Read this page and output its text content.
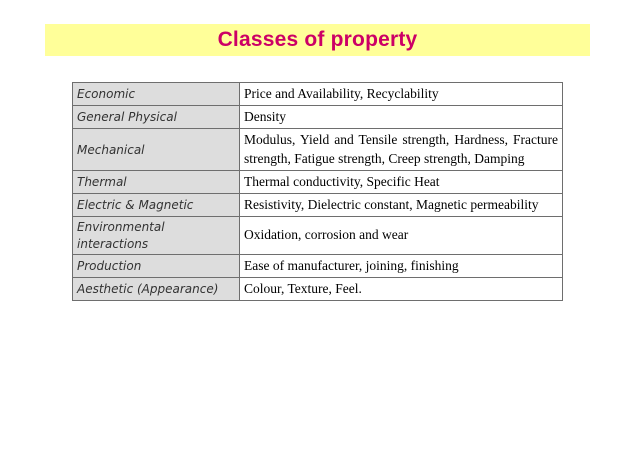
Classes of property
Economic	Price and Availability, Recyclability
General Physical	Density
Mechanical	Modulus, Yield and Tensile strength, Hardness, Fracture strength, Fatigue strength, Creep strength, Damping
Thermal	Thermal conductivity, Specific Heat
Electric & Magnetic	Resistivity, Dielectric constant, Magnetic permeability
Environmental interactions	Oxidation, corrosion and wear
Production	Ease of manufacturer, joining, finishing
Aesthetic (Appearance)	Colour, Texture, Feel.
